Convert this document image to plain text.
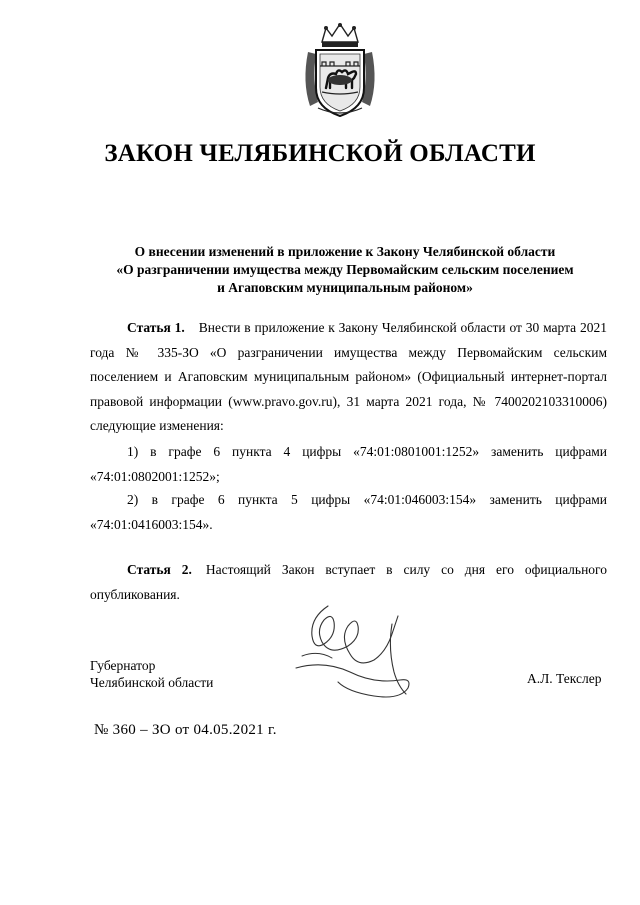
ЗАКОН ЧЕЛЯБИНСКОЙ ОБЛАСТИ
О внесении изменений в приложение к Закону Челябинской области
«О разграничении имущества между Первомайским сельским поселением
и Агаповским муниципальным районом»
Статья 1. Внести в приложение к Закону Челябинской области от 30 марта 2021 года № 335-ЗО «О разграничении имущества между Первомайским сельским поселением и Агаповским муниципальным районом» (Официальный интернет-портал правовой информации (www.pravo.gov.ru), 31 марта 2021 года, № 7400202103310006) следующие изменения:
1) в графе 6 пункта 4 цифры «74:01:0801001:1252» заменить цифрами «74:01:0802001:1252»;
2) в графе 6 пункта 5 цифры «74:01:046003:154» заменить цифрами «74:01:0416003:154».
Статья 2. Настоящий Закон вступает в силу со дня его официального опубликования.
Губернатор
Челябинской области	А.Л. Текслер
№ 360 – ЗО от 04.05.2021 г.
